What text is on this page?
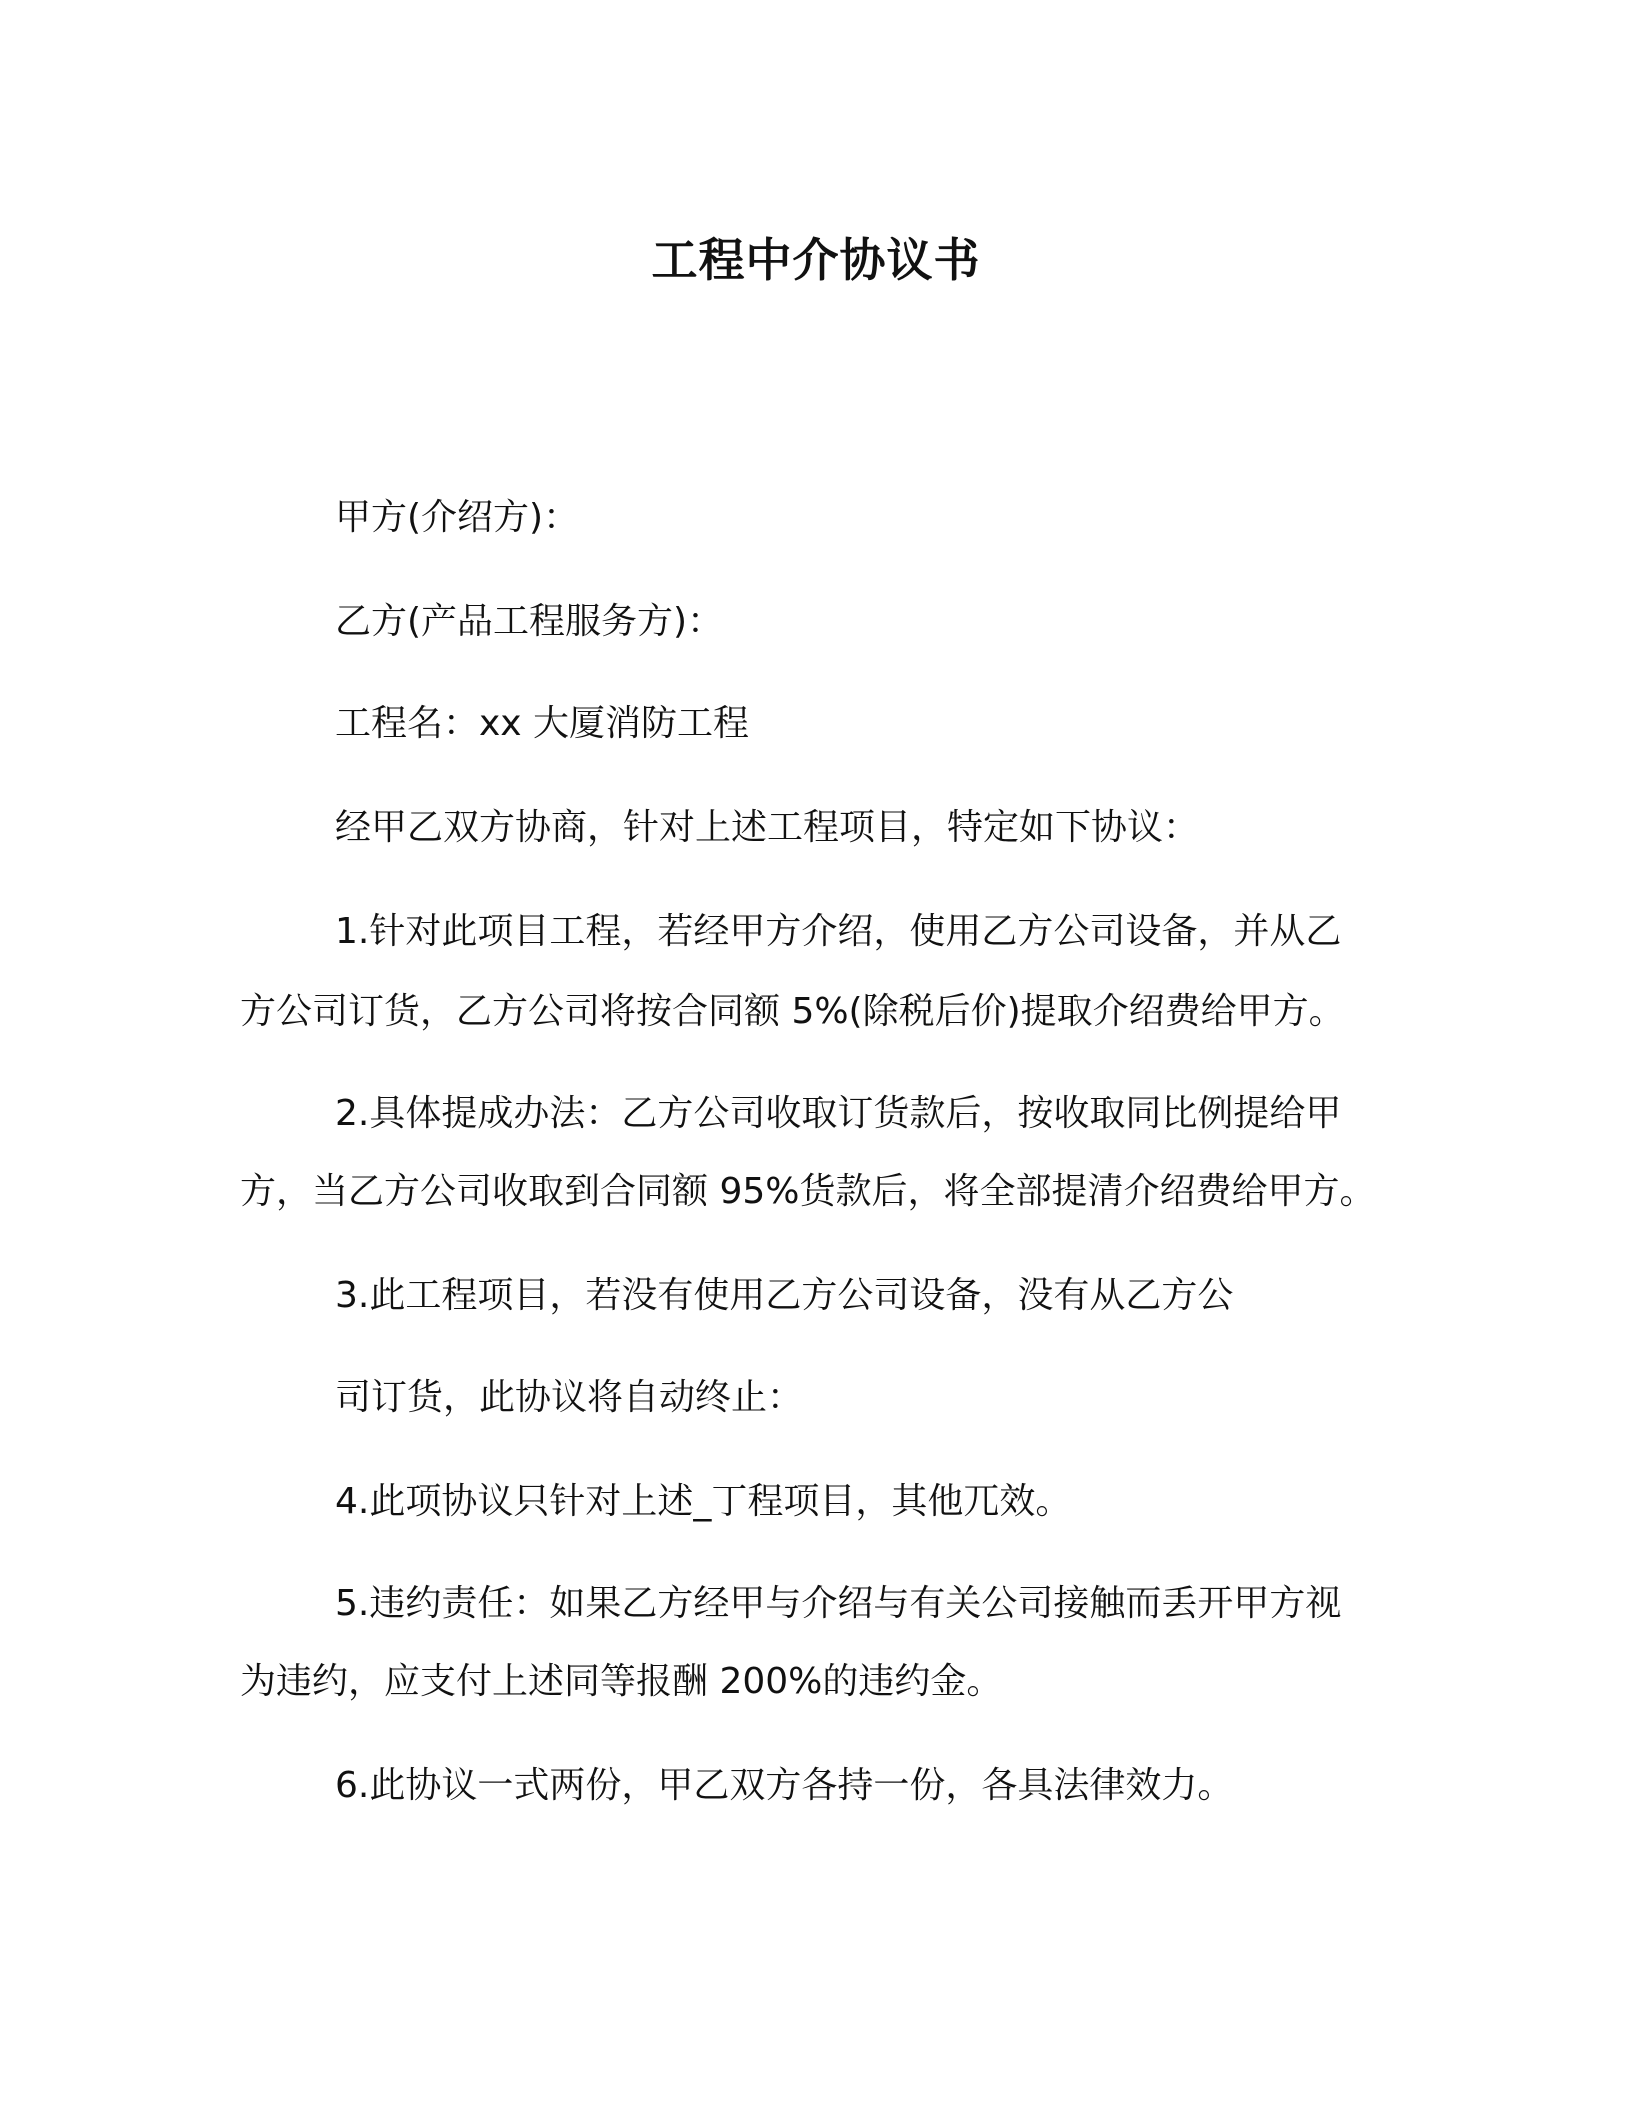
工程中介协议书
甲方(介绍方)：
乙方(产品工程服务方)：
工程名：xx 大厦消防工程
经甲乙双方协商，针对上述工程项目，特定如下协议：
1.针对此项目工程，若经甲方介绍，使用乙方公司设备，并从乙
方公司订货，乙方公司将按合同额 5%(除税后价)提取介绍费给甲方。
2.具体提成办法：乙方公司收取订货款后，按收取同比例提给甲
方，当乙方公司收取到合同额 95%货款后，将全部提清介绍费给甲方。
3.此工程项目，若没有使用乙方公司设备，没有从乙方公
司订货，此协议将自动终止：
4.此项协议只针对上述_丁程项目，其他兀效。
5.违约责任：如果乙方经甲与介绍与有关公司接触而丢开甲方视
为违约，应支付上述同等报酬 200%的违约金。
6.此协议一式两份，甲乙双方各持一份，各具法律效力。
